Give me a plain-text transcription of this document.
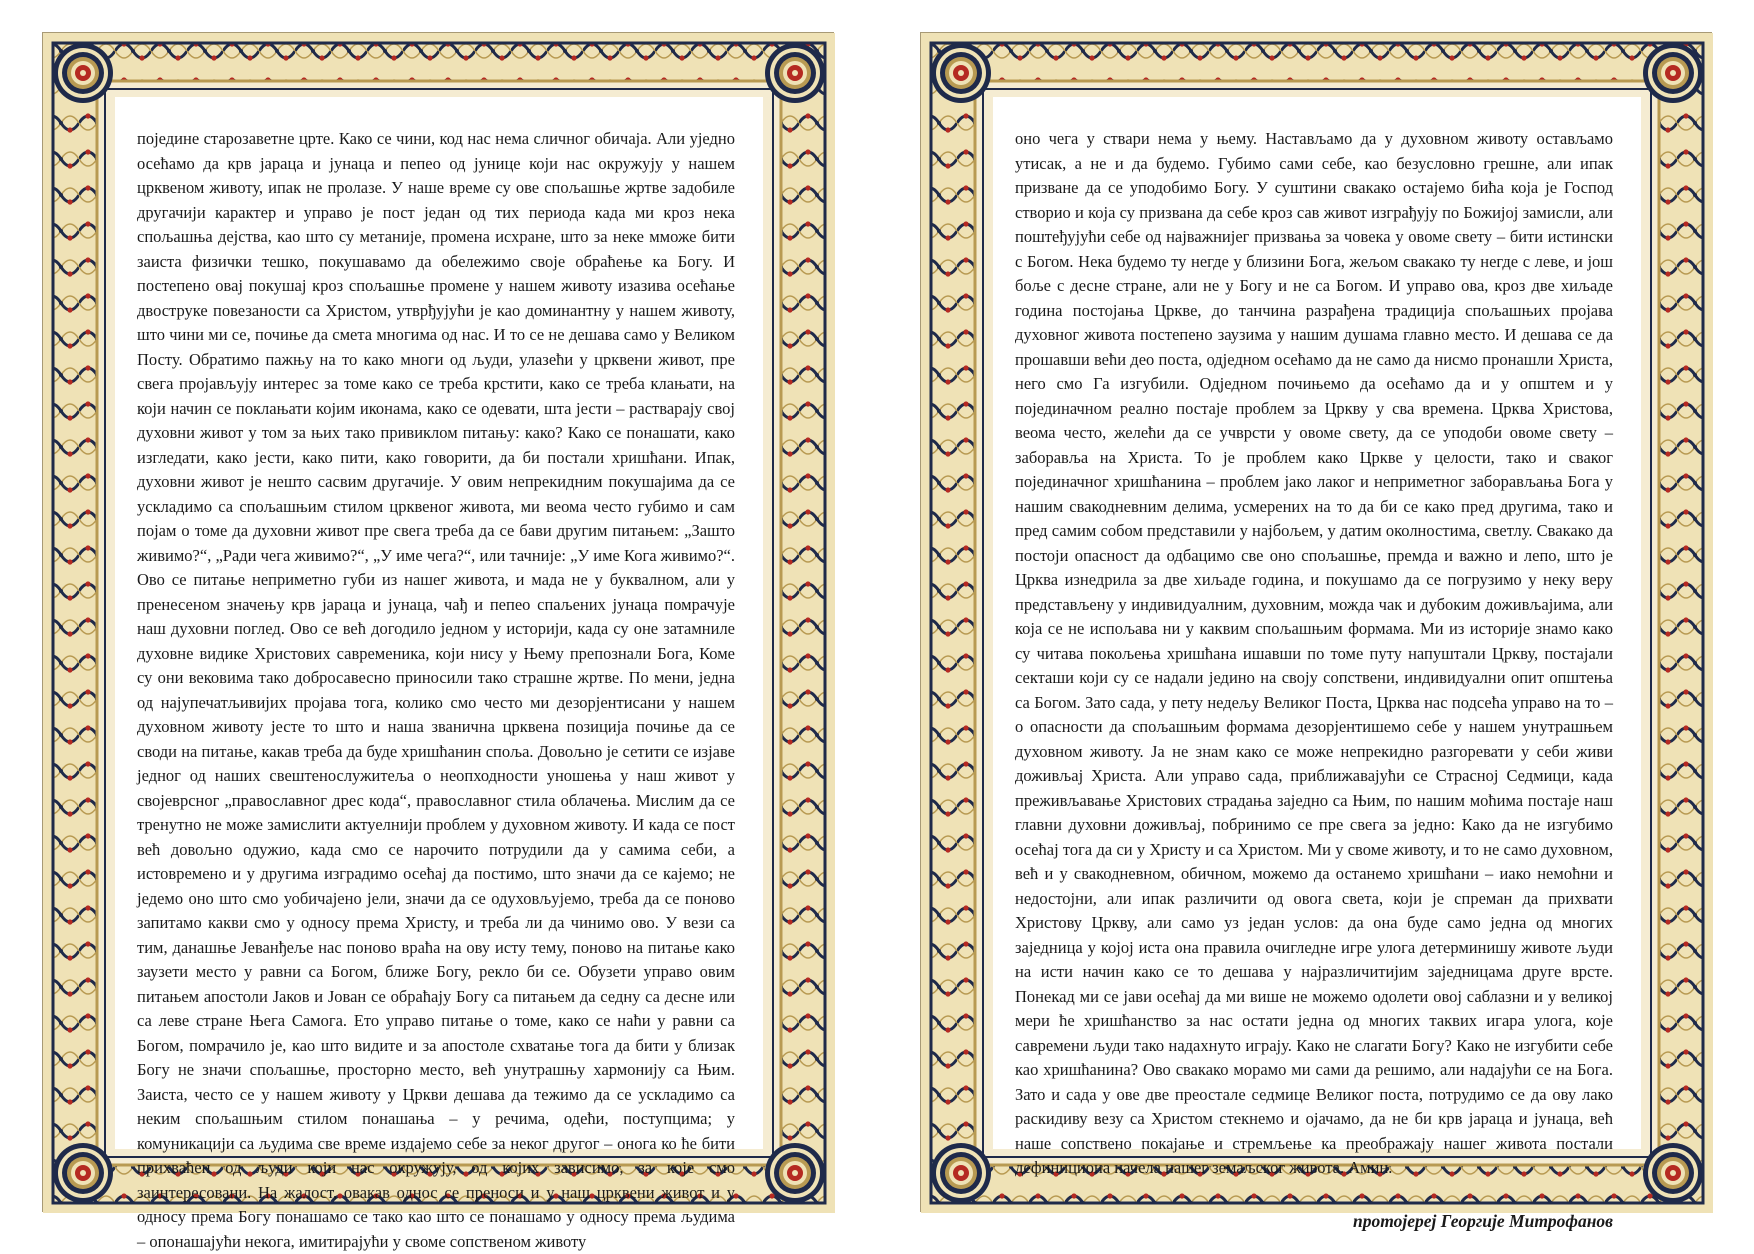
поједине старозаветне црте. Како се чини, код нас нема сличног обичаја. Али уједно осећамо да крв јараца и јунаца и пепео од јунице који нас окружују у нашем црквеном животу, ипак не пролазе. У наше време су ове спољашње жртве задобиле другачији карактер и управо је пост један од тих периода када ми кроз нека спољашња дејства, као што су метаније, промена исхране, што за неке мможе бити заиста физички тешко, покушавамо да обележимо своје обраћење ка Богу. И постепено овај покушај кроз спољашње промене у нашем животу изазива осећање двоструке повезаности са Христом, утврђујући је као доминантну у нашем животу, што чини ми се, почиње да смета многима од нас. И то се не дешава само у Великом Посту. Обратимо пажњу на то како многи од људи, улазећи у црквени живот, пре свега пројављују интерес за томе како се треба крстити, како се треба клањати, на који начин се поклањати којим иконама, како се одевати, шта јести – растварају свој духовни живот у том за њих тако привиклом питању: како? Како се понашати, како изгледати, како јести, како пити, како говорити, да би постали хришћани. Ипак, духовни живот је нешто сасвим другачије. У овим непрекидним покушајима да се ускладимо са спољашњим стилом црквеног живота, ми веома често губимо и сам појам о томе да духовни живот пре свега треба да се бави другим питањем: „Зашто живимо?“, „Ради чега живимо?“, „У име чега?“, или тачније: „У име Кога живимо?“. Ово се питање неприметно губи из нашег живота, и мада не у буквалном, али у пренесеном значењу крв јараца и јунаца, чађ и пепео спаљених јунаца помрачује наш духовни поглед. Ово се већ догодило једном у историји, када су оне затамниле духовне видике Христових савременика, који нису у Њему препознали Бога, Коме су они вековима тако добросавесно приносили тако страшне жртве. По мени, једна од најупечатљивијих пројава тога, колико смо често ми дезорјентисани у нашем духовном животу јесте то што и наша званична црквена позиција почиње да се своди на питање, какав треба да буде хришћанин споља. Довољно је сетити се изјаве једног од наших свештенослужитеља о неопходности уношења у наш живот у својеврсног „православног дрес кода“, православног стила облачења. Мислим да се тренутно не може замислити актуелнији проблем у духовном животу. И када се пост већ довољно одужио, када смо се нарочито потрудили да у самима себи, а истовремено и у другима изградимо осећај да постимо, што значи да се кајемо; не једемо оно што смо уобичајено јели, значи да се одуховљујемо, треба да се поново запитамо какви смо у односу према Христу, и треба ли да чинимо ово. У вези са тим, данашње Јеванђеље нас поново враћа на ову исту тему, поново на питање како заузети место у равни са Богом, ближе Богу, рекло би се. Обузети управо овим питањем апостоли Јаков и Јован се обраћају Богу са питањем да седну са десне или са леве стране Њега Самога. Ето управо питање о томе, како се наћи у равни са Богом, помрачило је, као што видите и за апостоле схватање тога да бити у близак Богу не значи спољашње, просторно место, већ унутрашњу хармонију са Њим. Заиста, често се у нашем животу у Цркви дешава да тежимо да се ускладимо са неким спољашњим стилом понашања – у речима, одећи, поступцима; у комуникацији са људима све време издајемо себе за неког другог – онога ко ће бити прихваћен од људи који нас окружују, од којих зависимо, за које смо заинтересовани. На жалост, овакав однос се преноси и у наш црквени живот и у односу према Богу понашамо се тако као што се понашамо у односу према људима – опонашајући некога, имитирајући у своме сопственом животу

оно чега у ствари нема у њему. Настављамо да у духовном животу остављамо утисак, а не и да будемо. Губимо сами себе, као безусловно грешне, али ипак призване да се уподобимо Богу. У суштини свакако остајемо бића која је Господ створио и која су призвана да себе кроз сав живот изграђују по Божијој замисли, али поштеђујући себе од најважнијег призвања за човека у овоме свету – бити истински с Богом. Нека будемо ту негде у близини Бога, жељом свакако ту негде с леве, и још боље с десне стране, али не у Богу и не са Богом. И управо ова, кроз две хиљаде година постојања Цркве, до танчина разрађена традиција спољашњих пројава духовног живота постепено заузима у нашим душама главно место. И дешава се да прошавши већи део поста, одједном осећамо да не само да нисмо пронашли Христа, него смо Га изгубили. Одједном почињемо да осећамо да и у општем и у појединачном реално постаје проблем за Цркву у сва времена. Црква Христова, веома често, желећи да се учврсти у овоме свету, да се уподоби овоме свету – заборавља на Христа. То је проблем како Цркве у целости, тако и сваког појединачног хришћанина – проблем јако лаког и неприметног заборављања Бога у нашим свакодневним делима, усмерених на то да би се како пред другима, тако и пред самим собом представили у најбољем, у датим околностима, светлу. Свакако да постоји опасност да одбацимо све оно спољашње, премда и важно и лепо, што је Црква изнедрила за две хиљаде година, и покушамо да се погрузимо у неку веру представљену у индивидуалним, духовним, можда чак и дубоким доживљајима, али која се не испољава ни у каквим спољашњим формама. Ми из историје знамо како су читава покољења хришћана ишавши по томе путу напуштали Цркву, постајали секташи који су се надали једино на своју сопствени, индивидуални опит општења са Богом. Зато сада, у пету недељу Великог Поста, Црква нас подсећа управо на то – о опасности да спољашњим формама дезорјентишемо себе у нашем унутрашњем духовном животу. Ја не знам како се може непрекидно разгоревати у себи живи доживљај Христа. Али управо сада, приближавајући се Страсној Седмици, када преживљавање Христових страдања заједно са Њим, по нашим моћима постаје наш главни духовни доживљај, побринимо се пре свега за једно: Како да не изгубимо осећај тога да си у Христу и са Христом. Ми у своме животу, и то не само духовном, већ и у свакодневном, обичном, можемо да останемо хришћани – иако немоћни и недостојни, али ипак различити од овога света, који је спреман да прихвати Христову Цркву, али само уз један услов: да она буде само једна од многих заједница у којој иста она правила очигледне игре улога детерминишу животе људи на исти начин како се то дешава у најразличитијим заједницама друге врсте. Понекад ми се јави осећај да ми више не можемо одолети овој саблазни и у великој мери ће хришћанство за нас остати једна од многих таквих игара улога, које савремени људи тако надахнуто играју. Како не слагати Богу? Како не изгубити себе као хришћанина? Ово свакако морамо ми сами да решимо, али надајући се на Бога. Зато и сада у ове две преостале седмице Великог поста, потрудимо се да ову лако раскидиву везу са Христом стекнемо и ојачамо, да не би крв јараца и јунаца, већ наше сопствено покајање и стремљење ка преображају нашег живота постали дефинициона начела нашег земаљског живота. Амин.

протојереј Георгије Митрофанов
